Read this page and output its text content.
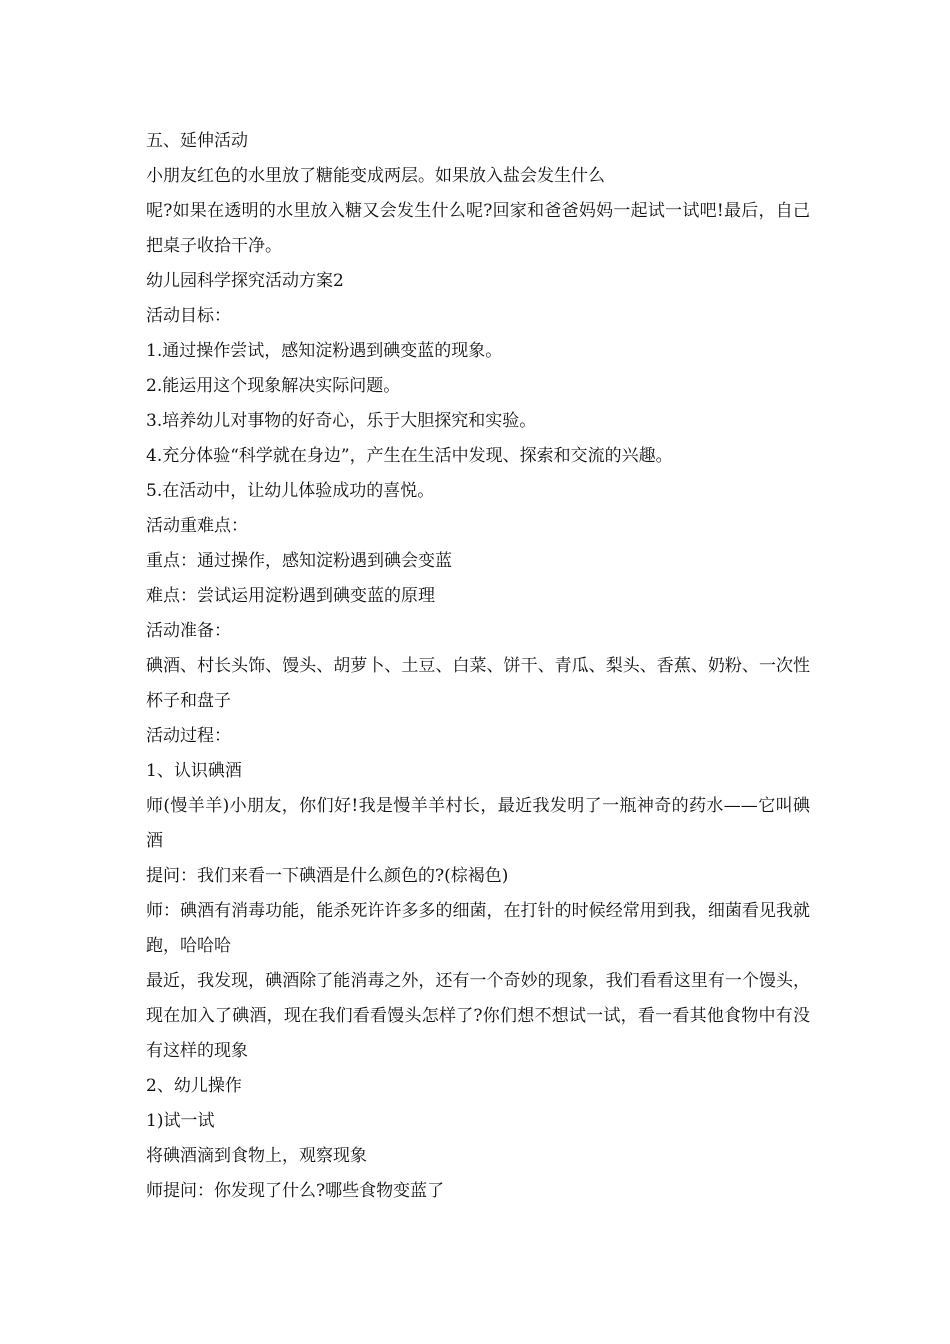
五、延伸活动

小朋友红色的水里放了糖能变成两层。如果放入盐会发生什么

呢?如果在透明的水里放入糖又会发生什么呢?回家和爸爸妈妈一起试一试吧!最后，自己把桌子收拾干净。

幼儿园科学探究活动方案2

活动目标：

1.通过操作尝试，感知淀粉遇到碘变蓝的现象。

2.能运用这个现象解决实际问题。

3.培养幼儿对事物的好奇心，乐于大胆探究和实验。

4.充分体验“科学就在身边”，产生在生活中发现、探索和交流的兴趣。

5.在活动中，让幼儿体验成功的喜悦。

活动重难点：

重点：通过操作，感知淀粉遇到碘会变蓝

难点：尝试运用淀粉遇到碘变蓝的原理

活动准备：

碘酒、村长头饰、馒头、胡萝卜、土豆、白菜、饼干、青瓜、梨头、香蕉、奶粉、一次性杯子和盘子

活动过程：

1、认识碘酒

师(慢羊羊)小朋友，你们好!我是慢羊羊村长，最近我发明了一瓶神奇的药水——它叫碘酒

提问：我们来看一下碘酒是什么颜色的?(棕褐色)

师：碘酒有消毒功能，能杀死许许多多的细菌，在打针的时候经常用到我，细菌看见我就跑，哈哈哈

最近，我发现，碘酒除了能消毒之外，还有一个奇妙的现象，我们看看这里有一个馒头，现在加入了碘酒，现在我们看看馒头怎样了?你们想不想试一试，看一看其他食物中有没有这样的现象

2、幼儿操作

1)试一试

将碘酒滴到食物上，观察现象

师提问：你发现了什么?哪些食物变蓝了
